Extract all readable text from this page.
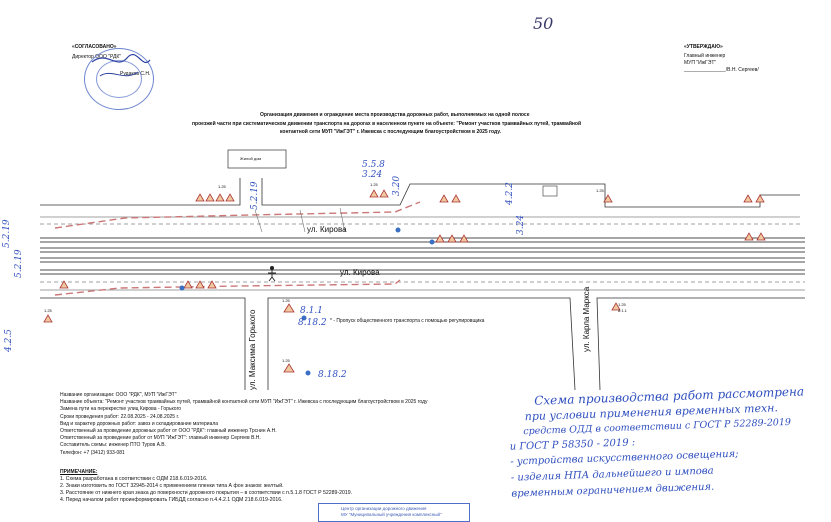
50
«СОГЛАСОВАНО»
Директор ООО "РДК"
Рудаков С.Н.
«УТВЕРЖДАЮ»
Главный инженер
МУП "ИжГЭТ"
_______________/В.Н. Сергеев/
Организация движения и ограждение места производства дорожных работ, выполняемых на одной полосе
проезжей части при систематическом движении транспорта на дорогах в населенном пункте на объекте: "Ремонт участков трамвайных путей, трамвайной
контактной сети МУП "ИжГЭТ" г. Ижевска с последующим благоустройством в 2025 году.
ул. Кирова
ул. Кирова
ул. Максима Горького	ул. Карла Маркса
Жилой дом
* - Пропуск общественного транспорта с помощью регулировщика
1.25
1.25
1.25
1.25
1.25
1.25
1.25	8.1.1
5.2.19
5.2.19
4.2.5
5.5.8
3.24
3.20	4.2.2
3.24
8.1.1
8.18.2
8.18.2
5.2.19
Название организации: ООО "РДК", МУП "ИжГЭТ"
Название объекта: "Ремонт участков трамвайных путей, трамвайной контактной сети МУП "ИжГЭТ" г. Ижевска с последующим благоустройством в 2025 году
Замена пути на перекрестке улиц Кирова - Горького
Сроки проведения работ: 22.08.2025 - 24.08.2025 г.
Вид и характер дорожных работ: завоз и складирование материала
Ответственный за проведение дорожных работ от ООО "РДК": главный инженер Трснин А.Н.
Ответственный за проведение работ от МУП "ИжГЭТ": главный инженер Сергеев В.Н.
Составитель схемы: инженер ПТО Туров А.В.
Телефон: +7 (3412) 933-081
ПРИМЕЧАНИЕ:
1. Схема разработана в соответствии с ОДМ 218.6.019-2016.
2. Знаки изготовить по ГОСТ 32945-2014 с применением пленки типа А фон знаков: желтый.
3. Расстояние от нижнего края знака до поверхности дорожного покрытия – в соответствии с п.5.1.8 ГОСТ Р 52289-2019.
4. Перед началом работ проинформировать ГИБДД согласно п.4.4.2.1 ОДМ 218.6.019-2016.
Центр организации дорожного движения
МУ "Муниципальный учреждения комплексный"
Схема производства работ рассмотрена
при условии применения временных техн.
средств ОДД в соответствии с ГОСТ Р 52289-2019
и ГОСТ Р 58350 - 2019 :
- устройства искусственного освещения;
- изделия НПА дальнейшего и импова
временным ограничением движения.
